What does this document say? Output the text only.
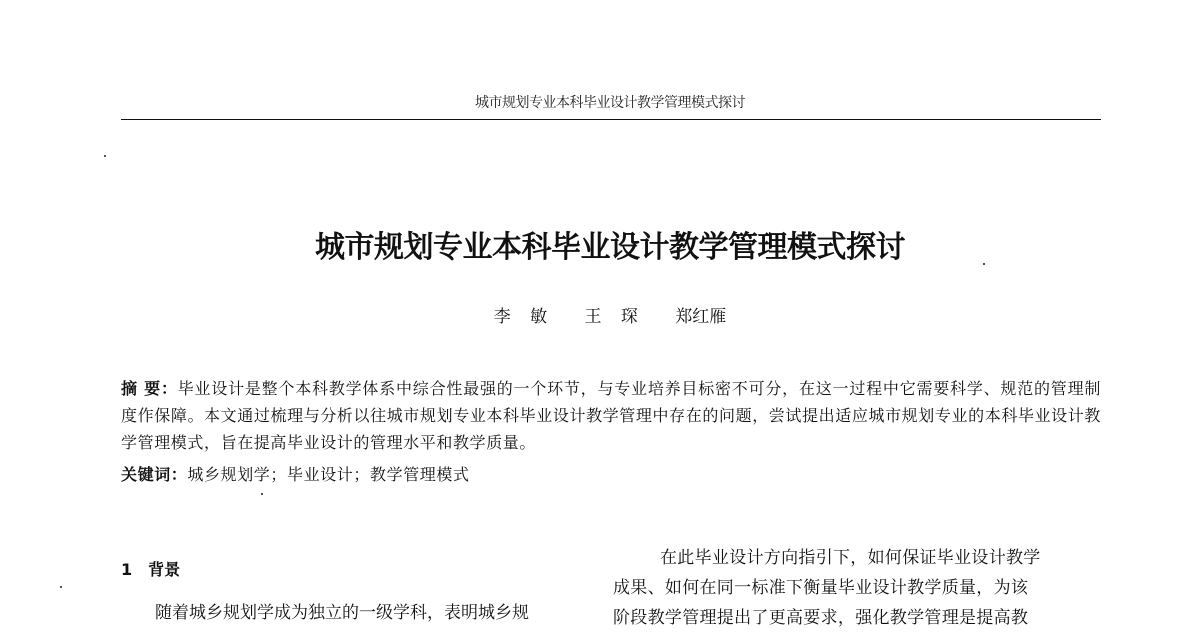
城市规划专业本科毕业设计教学管理模式探讨
城市规划专业本科毕业设计教学管理模式探讨
李 敏 王 琛 郑红雁
摘 要：毕业设计是整个本科教学体系中综合性最强的一个环节，与专业培养目标密不可分，在这一过程中它需要科学、规范的管理制度作保障。本文通过梳理与分析以往城市规划专业本科毕业设计教学管理中存在的问题，尝试提出适应城市规划专业的本科毕业设计教学管理模式，旨在提高毕业设计的管理水平和教学质量。
关键词：城乡规划学；毕业设计；教学管理模式
1 背景
随着城乡规划学成为独立的一级学科，表明城乡规
在此毕业设计方向指引下，如何保证毕业设计教学
成果、如何在同一标准下衡量毕业设计教学质量，为该
阶段教学管理提出了更高要求，强化教学管理是提高教
